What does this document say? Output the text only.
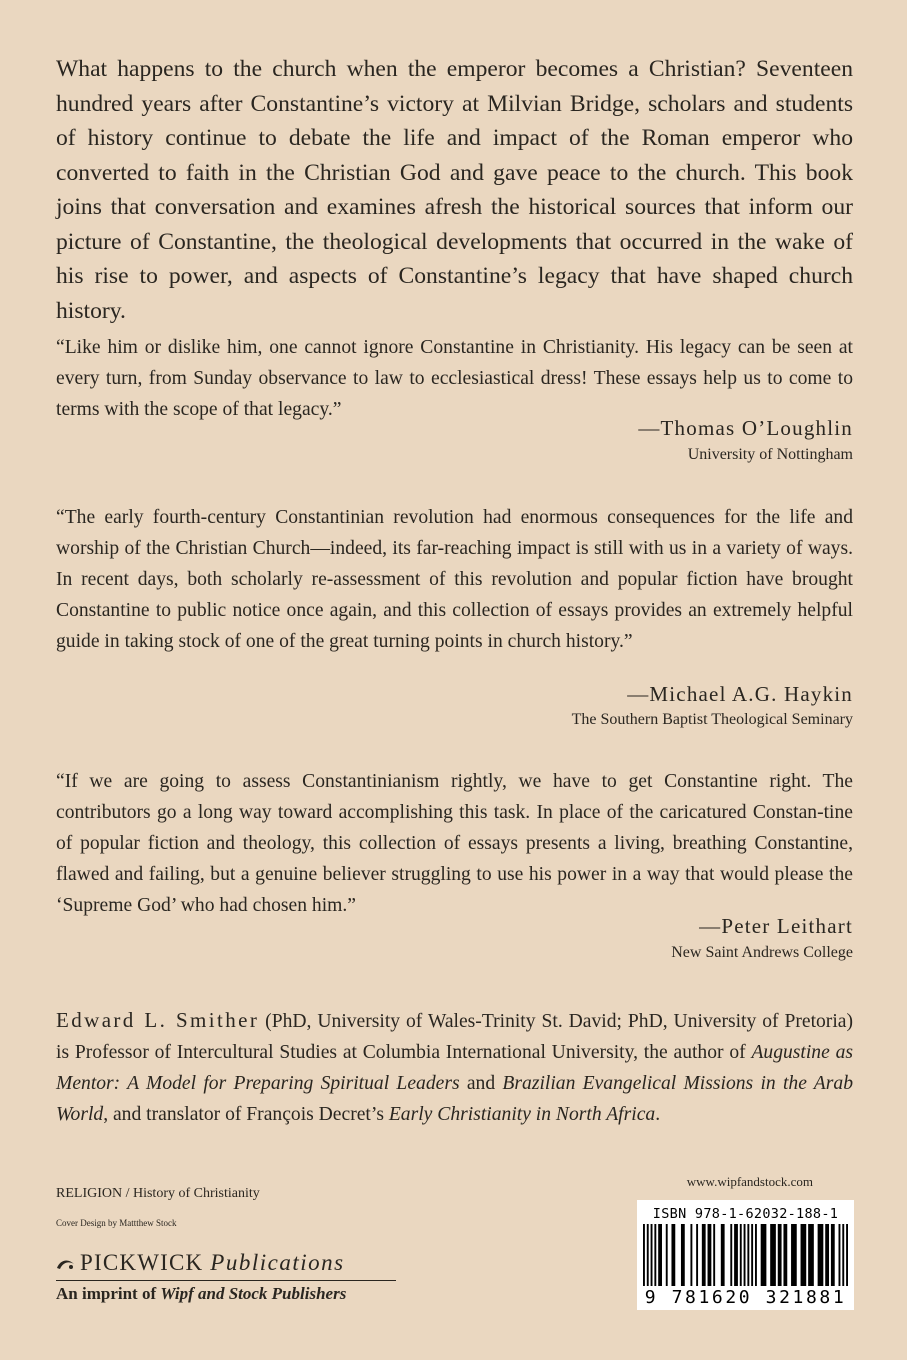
What happens to the church when the emperor becomes a Christian? Seventeen hundred years after Constantine’s victory at Milvian Bridge, scholars and students of history continue to debate the life and impact of the Roman emperor who converted to faith in the Christian God and gave peace to the church. This book joins that conversation and examines afresh the historical sources that inform our picture of Constantine, the theological developments that occurred in the wake of his rise to power, and aspects of Constantine’s legacy that have shaped church history.

“Like him or dislike him, one cannot ignore Constantine in Christianity. His legacy can be seen at every turn, from Sunday observance to law to ecclesiastical dress! These essays help us to come to terms with the scope of that legacy.”

—Thomas O’Loughlin
University of Nottingham

“The early fourth-century Constantinian revolution had enormous consequences for the life and worship of the Christian Church—indeed, its far-reaching impact is still with us in a variety of ways. In recent days, both scholarly re-assessment of this revolution and popular fiction have brought Constantine to public notice once again, and this collection of essays provides an extremely helpful guide in taking stock of one of the great turning points in church history.”

—Michael A.G. Haykin
The Southern Baptist Theological Seminary

“If we are going to assess Constantinianism rightly, we have to get Constantine right. The contributors go a long way toward accomplishing this task. In place of the caricatured Constan-tine of popular fiction and theology, this collection of essays presents a living, breathing Constantine, flawed and failing, but a genuine believer struggling to use his power in a way that would please the ‘Supreme God’ who had chosen him.”

—Peter Leithart
New Saint Andrews College

Edward L. Smither (PhD, University of Wales-Trinity St. David; PhD, University of Pretoria) is Professor of Intercultural Studies at Columbia International University, the author of Augustine as Mentor: A Model for Preparing Spiritual Leaders and Brazilian Evangelical Missions in the Arab World, and translator of François Decret’s Early Christianity in North Africa.

RELIGION / History of Christianity
Cover Design by Mattthew Stock
PICKWICK Publications
An imprint of Wipf and Stock Publishers
www.wipfandstock.com
ISBN 978-1-62032-188-1
9 781620 321881
